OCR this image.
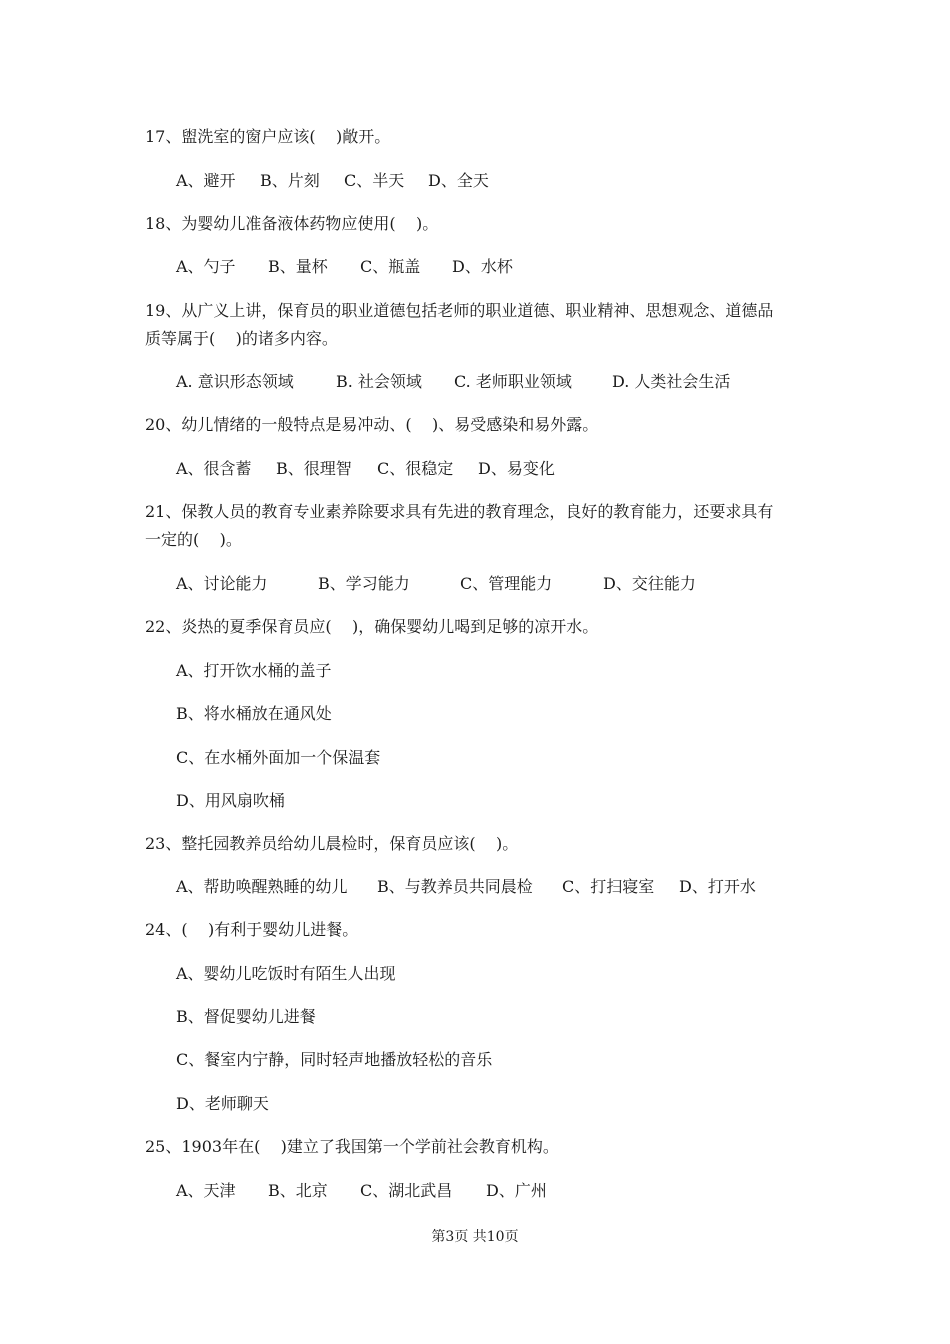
17、盥洗室的窗户应该(    )敞开。
A、避开 B、片刻 C、半天 D、全天
18、为婴幼儿准备液体药物应使用(    )。
A、勺子 B、量杯 C、瓶盖 D、水杯
19、从广义上讲，保育员的职业道德包括老师的职业道德、职业精神、思想观念、道德品
质等属于(    )的诸多内容。
A. 意识形态领域	B. 社会领域 C. 老师职业领域	D. 人类社会生活
20、幼儿情绪的一般特点是易冲动、(    )、易受感染和易外露。
A、很含蓄 B、很理智 C、很稳定 D、易变化
21、保教人员的教育专业素养除要求具有先进的教育理念，良好的教育能力，还要求具有
一定的(    )。
A、讨论能力	B、学习能力	C、管理能力	D、交往能力
22、炎热的夏季保育员应(    )，确保婴幼儿喝到足够的凉开水。
A、打开饮水桶的盖子
B、将水桶放在通风处
C、在水桶外面加一个保温套
D、用风扇吹桶
23、整托园教养员给幼儿晨检时，保育员应该(    )。
A、帮助唤醒熟睡的幼儿 B、与教养员共同晨检 C、打扫寝室 D、打开水
24、(    )有利于婴幼儿进餐。
A、婴幼儿吃饭时有陌生人出现
B、督促婴幼儿进餐
C、餐室内宁静，同时轻声地播放轻松的音乐
D、老师聊天
25、1903年在(    )建立了我国第一个学前社会教育机构。
A、天津 B、北京 C、湖北武昌 D、广州
第3页 共10页
